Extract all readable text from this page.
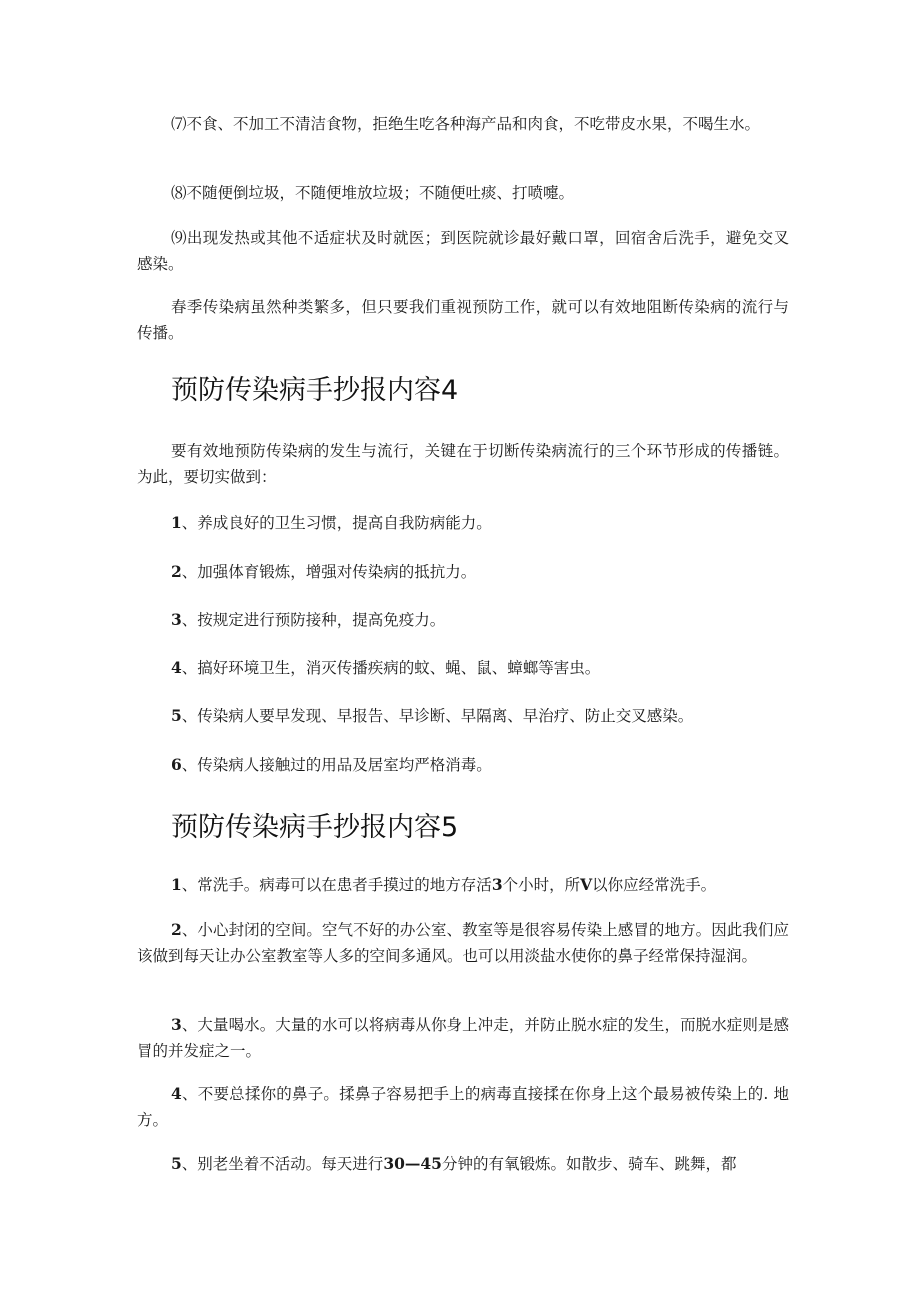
⑺不食、不加工不清洁食物，拒绝生吃各种海产品和肉食，不吃带皮水果，不喝生水。

⑻不随便倒垃圾，不随便堆放垃圾；不随便吐痰、打喷嚏。

⑼出现发热或其他不适症状及时就医；到医院就诊最好戴口罩，回宿舍后洗手，避免交叉感染。

春季传染病虽然种类繁多，但只要我们重视预防工作，就可以有效地阻断传染病的流行与传播。

预防传染病手抄报内容4

要有效地预防传染病的发生与流行，关键在于切断传染病流行的三个环节形成的传播链。为此，要切实做到：

1、养成良好的卫生习惯，提高自我防病能力。

2、加强体育锻炼，增强对传染病的抵抗力。

3、按规定进行预防接种，提高免疫力。

4、搞好环境卫生，消灭传播疾病的蚊、蝇、鼠、蟑螂等害虫。

5、传染病人要早发现、早报告、早诊断、早隔离、早治疗、防止交叉感染。

6、传染病人接触过的用品及居室均严格消毒。

预防传染病手抄报内容5

1、常洗手。病毒可以在患者手摸过的地方存活3个小时，所V以你应经常洗手。

2、小心封闭的空间。空气不好的办公室、教室等是很容易传染上感冒的地方。因此我们应该做到每天让办公室教室等人多的空间多通风。也可以用淡盐水使你的鼻子经常保持湿润。

3、大量喝水。大量的水可以将病毒从你身上冲走，并防止脱水症的发生，而脱水症则是感冒的并发症之一。

4、不要总揉你的鼻子。揉鼻子容易把手上的病毒直接揉在你身上这个最易被传染上的. 地方。

5、别老坐着不活动。每天进行30—45分钟的有氧锻炼。如散步、骑车、跳舞，都
